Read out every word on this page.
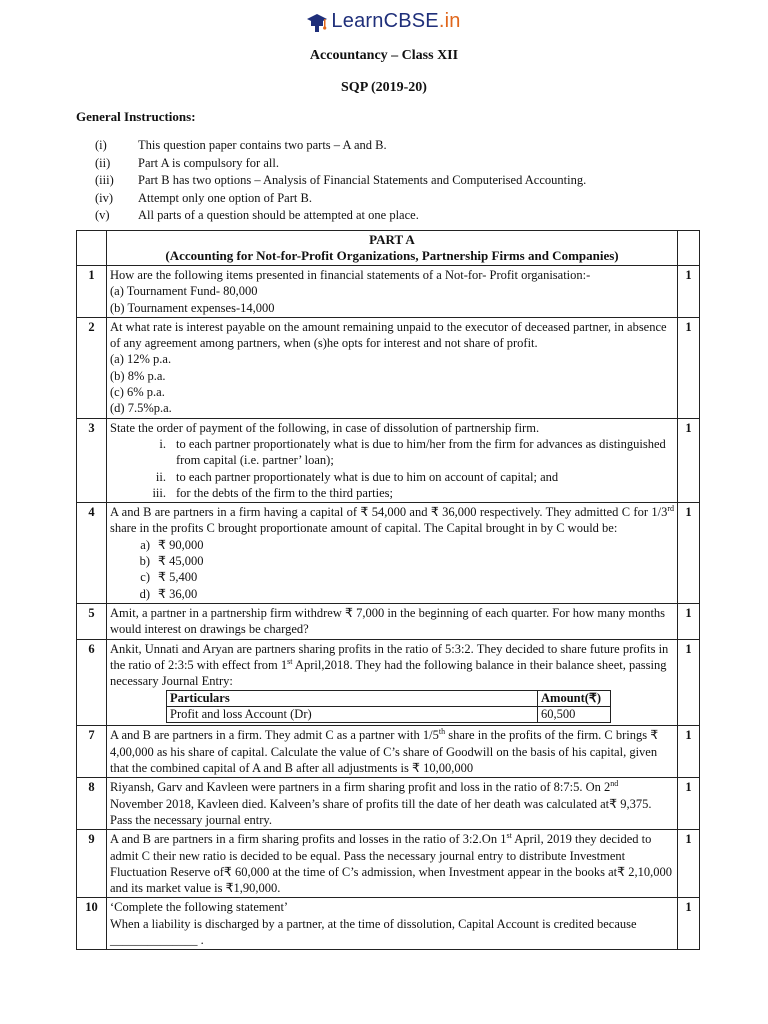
LearnCBSE.in
Accountancy – Class XII
SQP (2019-20)
General Instructions:
(i)	This question paper contains two parts – A and B.
(ii)	Part A is compulsory for all.
(iii)	Part B has two options – Analysis of Financial Statements and Computerised Accounting.
(iv)	Attempt only one option of Part B.
(v)	All parts of a question should be attempted at one place.

PART A
(Accounting for Not-for-Profit Organizations, Partnership Firms and Companies)

1	How are the following items presented in financial statements of a Not-for- Profit organisation:-
(a) Tournament Fund- 80,000
(b) Tournament expenses-14,000
	1
2	At what rate is interest payable on the amount remaining unpaid to the executor of deceased partner, in absence of any agreement among partners, when (s)he opts for interest and not share of profit.
(a) 12% p.a.
(b) 8% p.a.
(c) 6% p.a.
(d) 7.5%p.a.
	1
3	State the order of payment of the following, in case of dissolution of partnership firm.
i. to each partner proportionately what is due to him/her from the firm for advances as distinguished from capital (i.e. partner’ loan);
ii. to each partner proportionately what is due to him on account of capital; and
iii. for the debts of the firm to the third parties;
	1
4	A and B are partners in a firm having a capital of ₹ 54,000 and ₹ 36,000 respectively. They admitted C for 1/3rd share in the profits C brought proportionate amount of capital. The Capital brought in by C would be:
a) ₹ 90,000
b) ₹ 45,000
c) ₹ 5,400
d) ₹ 36,00
	1
5	Amit, a partner in a partnership firm withdrew ₹ 7,000 in the beginning of each quarter. For how many months would interest on drawings be charged?	1
6	Ankit, Unnati and Aryan are partners sharing profits in the ratio of 5:3:2. They decided to share future profits in the ratio of 2:3:5 with effect from 1st April,2018. They had the following balance in their balance sheet, passing necessary Journal Entry:
Particulars	Amount(₹)
Profit and loss Account (Dr)	60,500
	1
7	A and B are partners in a firm. They admit C as a partner with 1/5th share in the profits of the firm. C brings ₹ 4,00,000 as his share of capital. Calculate the value of C’s share of Goodwill on the basis of his capital, given that the combined capital of A and B after all adjustments is ₹ 10,00,000	1
8	Riyansh, Garv and Kavleen were partners in a firm sharing profit and loss in the ratio of 8:7:5. On 2nd November 2018, Kavleen died. Kalveen’s share of profits till the date of her death was calculated at₹ 9,375. Pass the necessary journal entry.	1
9	A and B are partners in a firm sharing profits and losses in the ratio of 3:2.On 1st April, 2019 they decided to admit C their new ratio is decided to be equal. Pass the necessary journal entry to distribute Investment Fluctuation Reserve of₹ 60,000 at the time of C’s admission, when Investment appear in the books at₹ 2,10,000 and its market value is ₹1,90,000.	1
10	‘Complete the following statement’
When a liability is discharged by a partner, at the time of dissolution, Capital Account is credited because ______________ .
	1
